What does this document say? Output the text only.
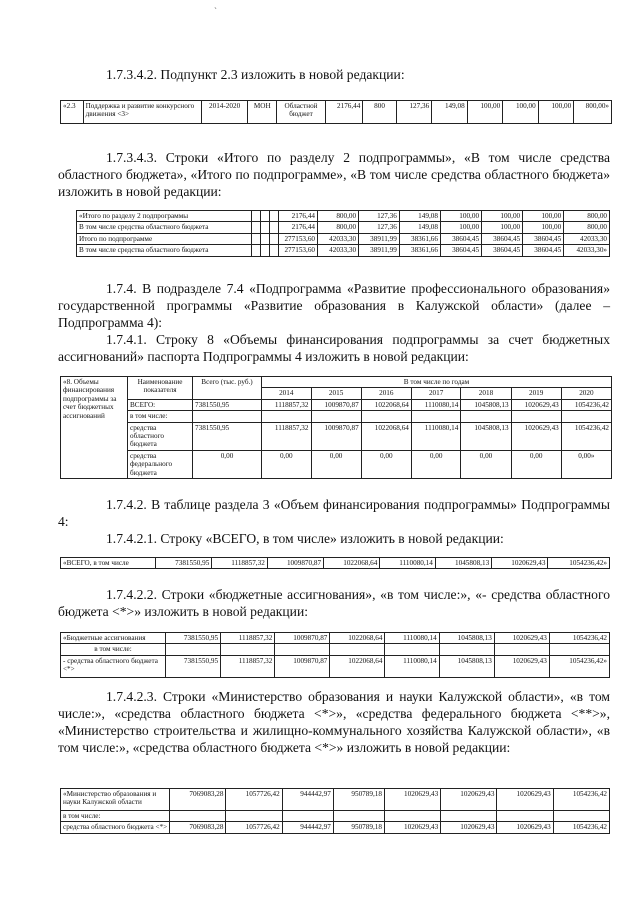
ˋ
1.7.3.4.2. Подпункт 2.3 изложить в новой редакции:
«2.3	Поддержка и развитие конкурсного движения <3>	2014-2020	МОН	Областной бюджет	2176,44	800	127,36	149,08	100,00	100,00	100,00	800,00»
1.7.3.4.3. Строки «Итого по разделу 2 подпрограммы», «В том числе средства областного бюджета», «Итого по подпрограмме», «В том числе средства областного бюджета» изложить в новой редакции:
«Итого по разделу 2 подпрограммы				2176,44	800,00	127,36	149,08	100,00	100,00	100,00	800,00
В том числе средства областного бюджета				2176,44	800,00	127,36	149,08	100,00	100,00	100,00	800,00
Итого по подпрограмме				277153,60	42033,30	38911,99	38361,66	38604,45	38604,45	38604,45	42033,30
В том числе средства областного бюджета				277153,60	42033,30	38911,99	38361,66	38604,45	38604,45	38604,45	42033,30»
1.7.4. В подразделе 7.4 «Подпрограмма «Развитие профессионального образования» государственной программы «Развитие образования в Калужской области» (далее – Подпрограмма 4):
1.7.4.1. Строку 8 «Объемы финансирования подпрограммы за счет бюджетных ассигнований» паспорта Подпрограммы 4 изложить в новой редакции:
«8. Объемы финансирования подпрограммы за счет бюджетных ассигнований	Наименование показателя	Всего (тыс. руб.)	В том числе по годам						
			2014	2015	2016	2017	2018	2019	2020
	ВСЕГО:	7381550,95	1118857,32	1009870,87	1022068,64	1110080,14	1045808,13	1020629,43	1054236,42
	в том числе:								
	средства областного бюджета	7381550,95	1118857,32	1009870,87	1022068,64	1110080,14	1045808,13	1020629,43	1054236,42
	средства федерального бюджета	0,00	0,00	0,00	0,00	0,00	0,00	0,00	0,00»
1.7.4.2. В таблице раздела 3 «Объем финансирования подпрограммы» Подпрограммы 4:
1.7.4.2.1. Строку «ВСЕГО, в том числе» изложить в новой редакции:
«ВСЕГО, в том числе	7381550,95	1118857,32	1009870,87	1022068,64	1110080,14	1045808,13	1020629,43	1054236,42»
1.7.4.2.2. Строки «бюджетные ассигнования», «в том числе:», «- средства областного бюджета <*>» изложить в новой редакции:
«Бюджетные ассигнования	7381550,95	1118857,32	1009870,87	1022068,64	1110080,14	1045808,13	1020629,43	1054236,42
в том числе:								
- средства областного бюджета <*>	7381550,95	1118857,32	1009870,87	1022068,64	1110080,14	1045808,13	1020629,43	1054236,42»
1.7.4.2.3. Строки «Министерство образования и науки Калужской области», «в том числе:», «средства областного бюджета <*>», «средства федерального бюджета <**>», «Министерство строительства и жилищно-коммунального хозяйства Калужской области», «в том числе:», «средства областного бюджета <*>» изложить в новой редакции:
«Министерство образования и науки Калужской области	7069083,28	1057726,42	944442,97	950789,18	1020629,43	1020629,43	1020629,43	1054236,42
в том числе:								
средства областного бюджета <*>	7069083,28	1057726,42	944442,97	950789,18	1020629,43	1020629,43	1020629,43	1054236,42
